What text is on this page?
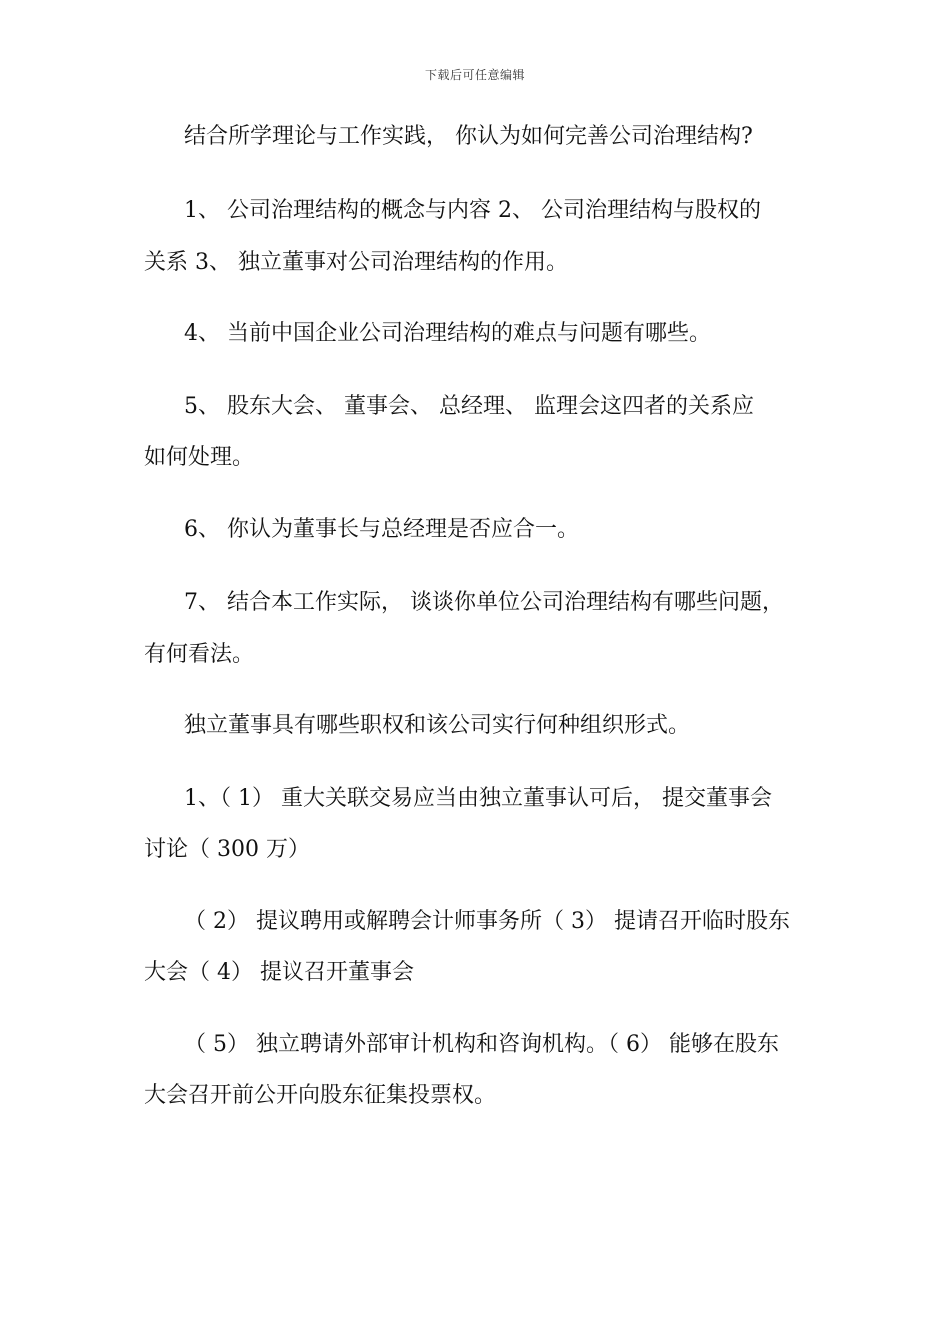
下载后可任意编辑
结合所学理论与工作实践， 你认为如何完善公司治理结构?
1、 公司治理结构的概念与内容 2、 公司治理结构与股权的
关系 3、 独立董事对公司治理结构的作用。
4、 当前中国企业公司治理结构的难点与问题有哪些。
5、 股东大会、 董事会、 总经理、 监理会这四者的关系应
如何处理。
6、 你认为董事长与总经理是否应合一。
7、 结合本工作实际， 谈谈你单位公司治理结构有哪些问题，
有何看法。
独立董事具有哪些职权和该公司实行何种组织形式。
1、（ 1） 重大关联交易应当由独立董事认可后， 提交董事会
讨论（ 300 万）
（ 2） 提议聘用或解聘会计师事务所（ 3） 提请召开临时股东
大会（ 4） 提议召开董事会
（ 5） 独立聘请外部审计机构和咨询机构。（ 6） 能够在股东
大会召开前公开向股东征集投票权。
